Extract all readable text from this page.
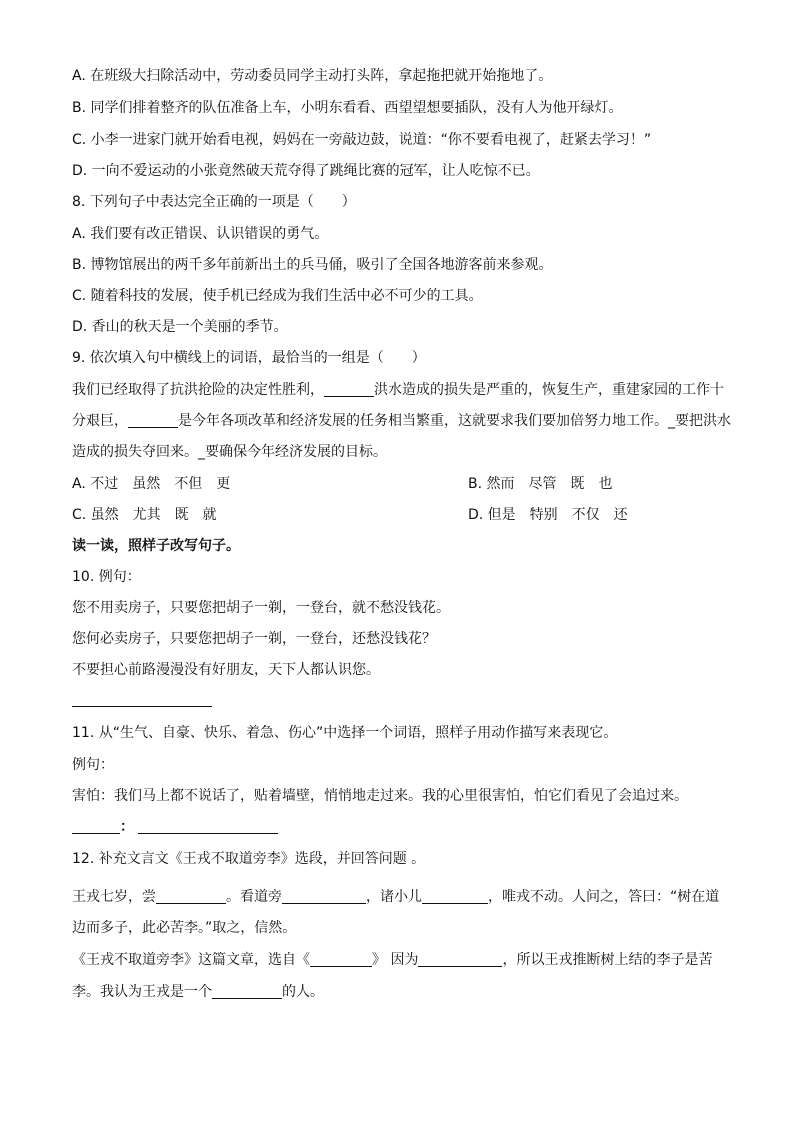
A. 在班级大扫除活动中，劳动委员同学主动打头阵，拿起拖把就开始拖地了。
B. 同学们排着整齐的队伍准备上车，小明东看看、西望望想要插队，没有人为他开绿灯。
C. 小李一进家门就开始看电视，妈妈在一旁敲边鼓，说道：“你不要看电视了，赶紧去学习！”
D. 一向不爱运动的小张竟然破天荒夺得了跳绳比赛的冠军，让人吃惊不已。
8. 下列句子中表达完全正确的一项是（　　）
A. 我们要有改正错误、认识错误的勇气。
B. 博物馆展出的两千多年前新出土的兵马俑，吸引了全国各地游客前来参观。
C. 随着科技的发展，使手机已经成为我们生活中必不可少的工具。
D. 香山的秋天是一个美丽的季节。
9. 依次填入句中横线上的词语，最恰当的一组是（　　）
我们已经取得了抗洪抢险的决定性胜利，	洪水造成的损失是严重的，恢复生产，重建家园的工作十
分艰巨，	是今年各项改革和经济发展的任务相当繁重，这就要求我们要加倍努力地工作。_要把洪水
造成的损失夺回来。_要确保今年经济发展的目标。
A. 不过　虽然　不但　更	B. 然而　尽管　既　也
C. 虽然　尤其　既　就	D. 但是　特别　不仅　还
读一读，照样子改写句子。
10. 例句：
您不用卖房子，只要您把胡子一剃，一登台，就不愁没钱花。
您何必卖房子，只要您把胡子一剃，一登台，还愁没钱花？
不要担心前路漫漫没有好朋友，天下人都认识您。
11. 从“生气、自豪、快乐、着急、伤心”中选择一个词语，照样子用动作描写来表现它。
例句：
害怕：我们马上都不说话了，贴着墙壁，悄悄地走过来。我的心里很害怕，怕它们看见了会追过来。
：
12. 补充文言文《王戎不取道旁李》选段，并回答问题 。
王戎七岁，尝	。看道旁	，诸小儿	，唯戎不动。人问之，答曰：“树在道
边而多子，此必苦李。”取之，信然。
《王戎不取道旁李》这篇文章，选自《	》 因为	，所以王戎推断树上结的李子是苦
李。我认为王戎是一个	的人。
